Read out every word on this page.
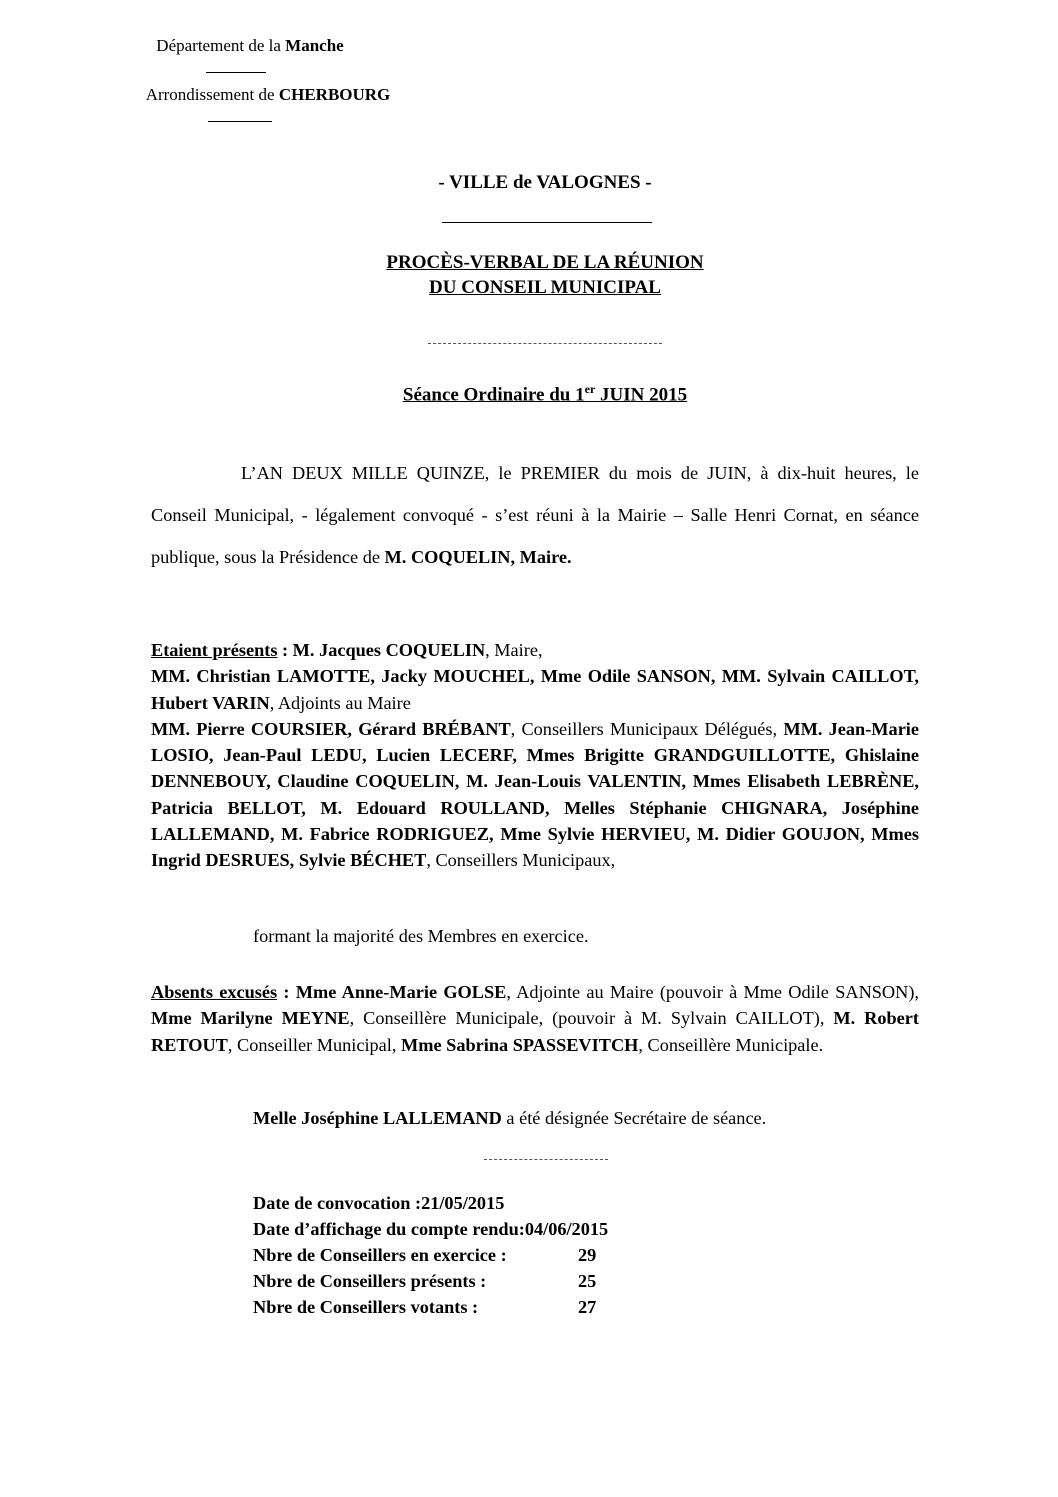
Département de la Manche
Arrondissement de CHERBOURG
- VILLE de VALOGNES -
PROCÈS-VERBAL DE LA RÉUNION
DU CONSEIL MUNICIPAL
Séance Ordinaire du 1er JUIN 2015
L’AN DEUX MILLE QUINZE, le PREMIER du mois de JUIN, à dix-huit heures, le Conseil Municipal, - légalement convoqué - s’est réuni à la Mairie – Salle Henri Cornat, en séance publique, sous la Présidence de M. COQUELIN, Maire.
Etaient présents : M. Jacques COQUELIN, Maire,
MM. Christian LAMOTTE, Jacky MOUCHEL, Mme Odile SANSON, MM. Sylvain CAILLOT, Hubert VARIN, Adjoints au Maire
MM. Pierre COURSIER, Gérard BRÉBANT, Conseillers Municipaux Délégués, MM. Jean-Marie LOSIO, Jean-Paul LEDU, Lucien LECERF, Mmes Brigitte GRANDGUILLOTTE, Ghislaine DENNEBOUY, Claudine COQUELIN, M. Jean-Louis VALENTIN, Mmes Elisabeth LEBRÈNE, Patricia BELLOT, M. Edouard ROULLAND, Melles Stéphanie CHIGNARA, Joséphine LALLEMAND, M. Fabrice RODRIGUEZ, Mme Sylvie HERVIEU, M. Didier GOUJON, Mmes Ingrid DESRUES, Sylvie BÉCHET, Conseillers Municipaux,
formant la majorité des Membres en exercice.
Absents excusés : Mme Anne-Marie GOLSE, Adjointe au Maire (pouvoir à Mme Odile SANSON), Mme Marilyne MEYNE, Conseillère Municipale, (pouvoir à M. Sylvain CAILLOT), M. Robert RETOUT, Conseiller Municipal, Mme Sabrina SPASSEVITCH, Conseillère Municipale.
Melle Joséphine LALLEMAND a été désignée Secrétaire de séance.
Date de convocation : 21/05/2015
Date d’affichage du compte rendu: 04/06/2015
Nbre de Conseillers en exercice :	29
Nbre de Conseillers présents :	25
Nbre de Conseillers votants :	27
